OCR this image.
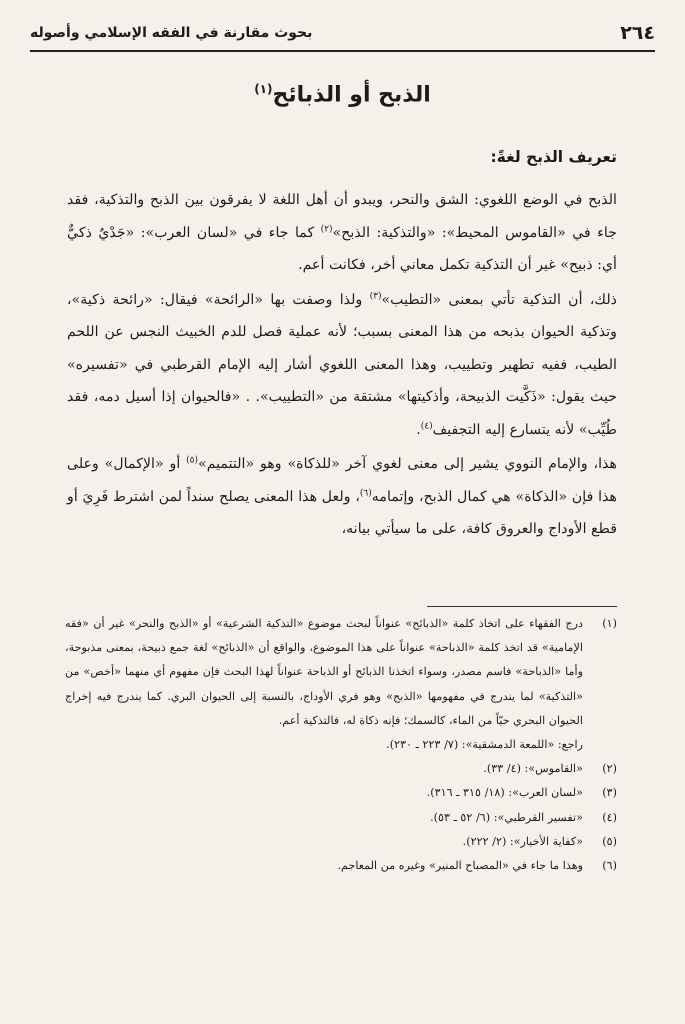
٢٦٤
بحوث مقارنة في الفقه الإسلامي وأصوله
الذبح أو الذبائح$^{(١)}$
تعريف الذبح لغةً:

الذبح في الوضع اللغوي: الشق والنحر، ويبدو أن أهل اللغة لا يفرقون بين الذبح والتذكية، فقد جاء في «القاموس المحيط»: «والتذكية: الذبح»$^{(٢)}$ كما جاء في «لسان العرب»: «جَدْيٌ ذكيٌّ أي: ذبيح» غير أن التذكية تكمل معاني أخر، فكانت أعم.

ذلك، أن التذكية تأتي بمعنى «التطيب»$^{(٣)}$ ولذا وصفت بها «الرائحة» فيقال: «رائحة ذكية»، وتذكية الحيوان بذبحه من هذا المعنى بسبب؛ لأنه عملية فصل للدم الخبيث النجس عن اللحم الطيب، ففيه تطهير وتطييب، وهذا المعنى اللغوي أشار إليه الإمام القرطبي في «تفسيره» حيث يقول: «ذَكَّيت الذبيحة، وأذكيتها» مشتقة من «التطييب». . «فالحيوان إذا أسيل دمه، فقد طُيِّب» لأنه يتسارع إليه التجفيف$^{(٤)}$.

هذا، والإمام النووي يشير إلى معنى لغوي آخر «للذكاة» وهو «التتميم»$^{(٥)}$ أو «الإكمال» وعلى هذا فإن «الذكاة» هي كمال الذبح، وإتمامه$^{(٦)}$، ولعل هذا المعنى يصلح سنداً لمن اشترط فَرِيَ أو قطع الأوداج والعروق كافة، على ما سيأتي بيانه،

(١)
درج الفقهاء على اتخاذ كلمة «الذبائح» عنواناً لبحث موضوع «التذكية الشرعية» أو «الذبح والنحر» غير أن «فقه الإمامية» قد اتخذ كلمة «الذباحة» عنواناً على هذا الموضوع، والواقع أن «الذبائح» لغة جمع ذبيحة، بمعنى مذبوحة، وأما «الذباحة» فاسم مصدر، وسواء اتخذنا الذبائح أو الذباحة عنواناً لهذا البحث فإن مفهوم أي منهما «أخص» من «التذكية» لما يندرج في مفهومها «الذبح» وهو فري الأوداج، بالنسبة إلى الحيوان البري. كما يندرج فيه إخراج الحيوان البحري حيّاً من الماء، كالسمك؛ فإنه ذكاة له، فالتذكية أعم.

راجع: «اللمعة الدمشقية»: (٧/ ٢٢٣ ـ ٢٣٠).

(٢)
«القاموس»: (٤/ ٣٣).
(٣)
«لسان العرب»: (١٨/ ٣١٥ ـ ٣١٦).
(٤)
«تفسير القرطبي»: (٦/ ٥٢ ـ ٥٣).
(٥)
«كفاية الأخيار»: (٢/ ٢٢٢).
(٦)
وهذا ما جاء في «المصباح المنير» وغيره من المعاجم.
